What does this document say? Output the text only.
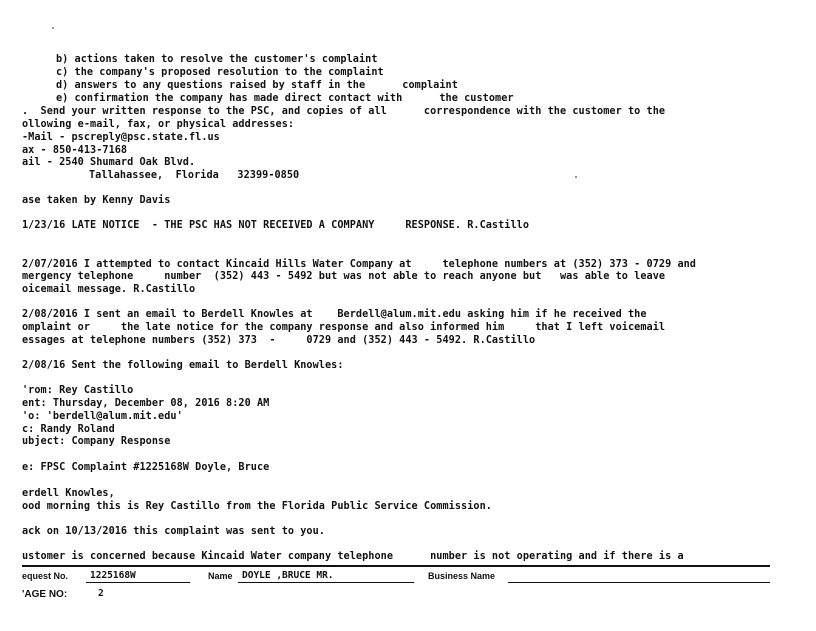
b) actions taken to resolve the customer's complaint
c) the company's proposed resolution to the complaint
d) answers to any questions raised by staff in the      complaint
e) confirmation the company has made direct contact with      the customer
.  Send your written response to the PSC, and copies of all      correspondence with the customer to the
ollowing e-mail, fax, or physical addresses:
-Mail - pscreply@psc.state.fl.us
ax - 850-413-7168
ail - 2540 Shumard Oak Blvd.
Tallahassee,  Florida   32399-0850
ase taken by Kenny Davis
1/23/16 LATE NOTICE  - THE PSC HAS NOT RECEIVED A COMPANY     RESPONSE. R.Castillo
2/07/2016 I attempted to contact Kincaid Hills Water Company at     telephone numbers at (352) 373 - 0729 and
mergency telephone     number  (352) 443 - 5492 but was not able to reach anyone but   was able to leave
oicemail message. R.Castillo
2/08/2016 I sent an email to Berdell Knowles at    Berdell@alum.mit.edu asking him if he received the
omplaint or     the late notice for the company response and also informed him     that I left voicemail
essages at telephone numbers (352) 373  -     0729 and (352) 443 - 5492. R.Castillo
2/08/16 Sent the following email to Berdell Knowles:
'rom: Rey Castillo
ent: Thursday, December 08, 2016 8:20 AM
'o: 'berdell@alum.mit.edu'
c: Randy Roland
ubject: Company Response
e: FPSC Complaint #1225168W Doyle, Bruce
erdell Knowles,
ood morning this is Rey Castillo from the Florida Public Service Commission.
ack on 10/13/2016 this complaint was sent to you.
ustomer is concerned because Kincaid Water company telephone      number is not operating and if there is a
equest No. 1225168W	Name DOYLE ,BRUCE MR.	Business Name
'AGE NO:	2
